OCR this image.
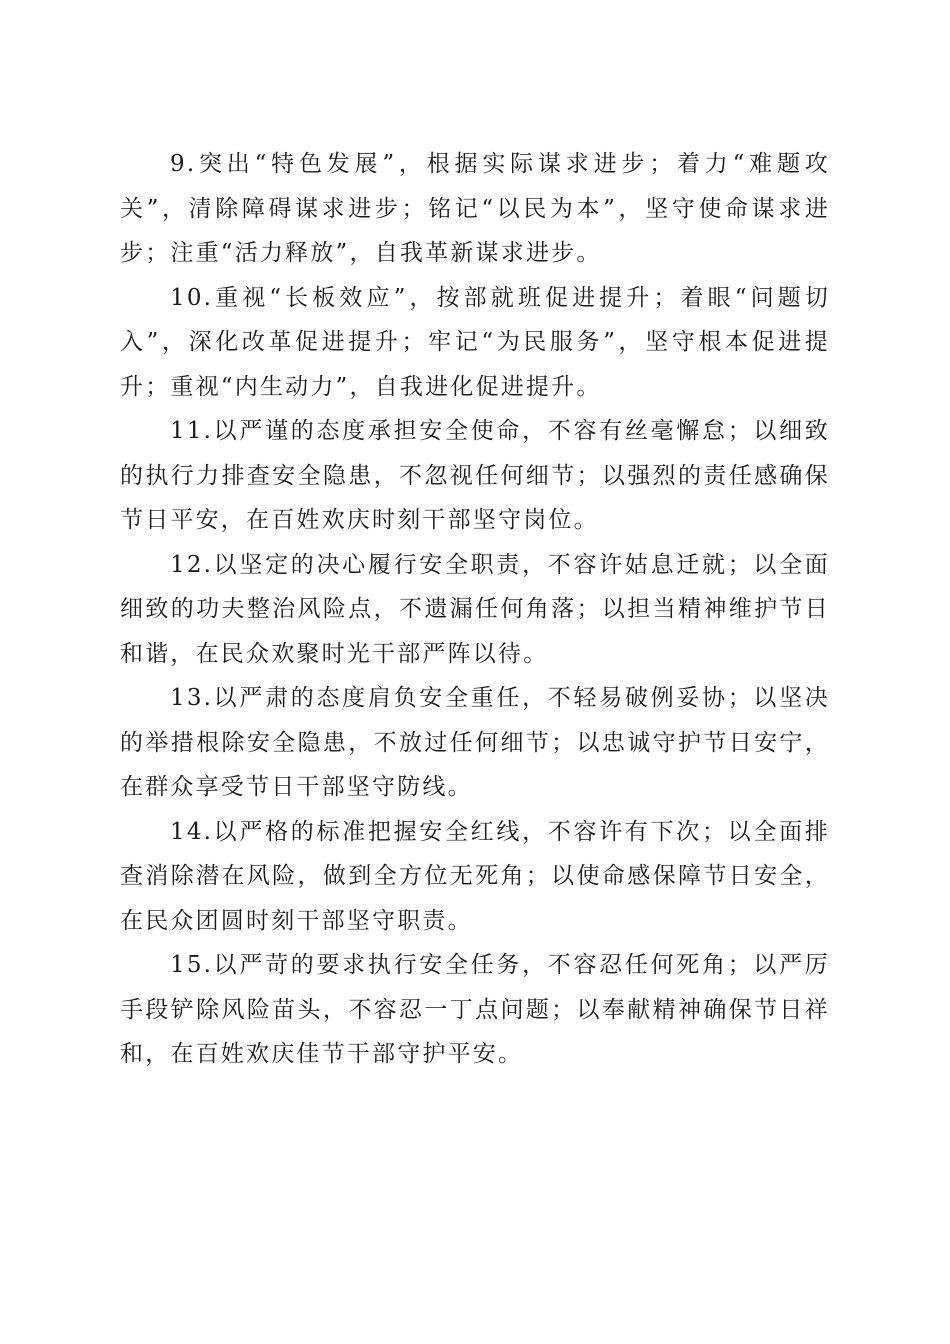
9.突出“特色发展”，根据实际谋求进步；着力“难题攻关”，清除障碍谋求进步；铭记“以民为本”，坚守使命谋求进步；注重“活力释放”，自我革新谋求进步。

10.重视“长板效应”，按部就班促进提升；着眼“问题切入”，深化改革促进提升；牢记“为民服务”，坚守根本促进提升；重视“内生动力”，自我进化促进提升。

11.以严谨的态度承担安全使命，不容有丝毫懈怠；以细致的执行力排查安全隐患，不忽视任何细节；以强烈的责任感确保节日平安，在百姓欢庆时刻干部坚守岗位。

12.以坚定的决心履行安全职责，不容许姑息迁就；以全面细致的功夫整治风险点，不遗漏任何角落；以担当精神维护节日和谐，在民众欢聚时光干部严阵以待。

13.以严肃的态度肩负安全重任，不轻易破例妥协；以坚决的举措根除安全隐患，不放过任何细节；以忠诚守护节日安宁，在群众享受节日干部坚守防线。

14.以严格的标准把握安全红线，不容许有下次；以全面排查消除潜在风险，做到全方位无死角；以使命感保障节日安全，在民众团圆时刻干部坚守职责。

15.以严苛的要求执行安全任务，不容忍任何死角；以严厉手段铲除风险苗头，不容忍一丁点问题；以奉献精神确保节日祥和，在百姓欢庆佳节干部守护平安。
